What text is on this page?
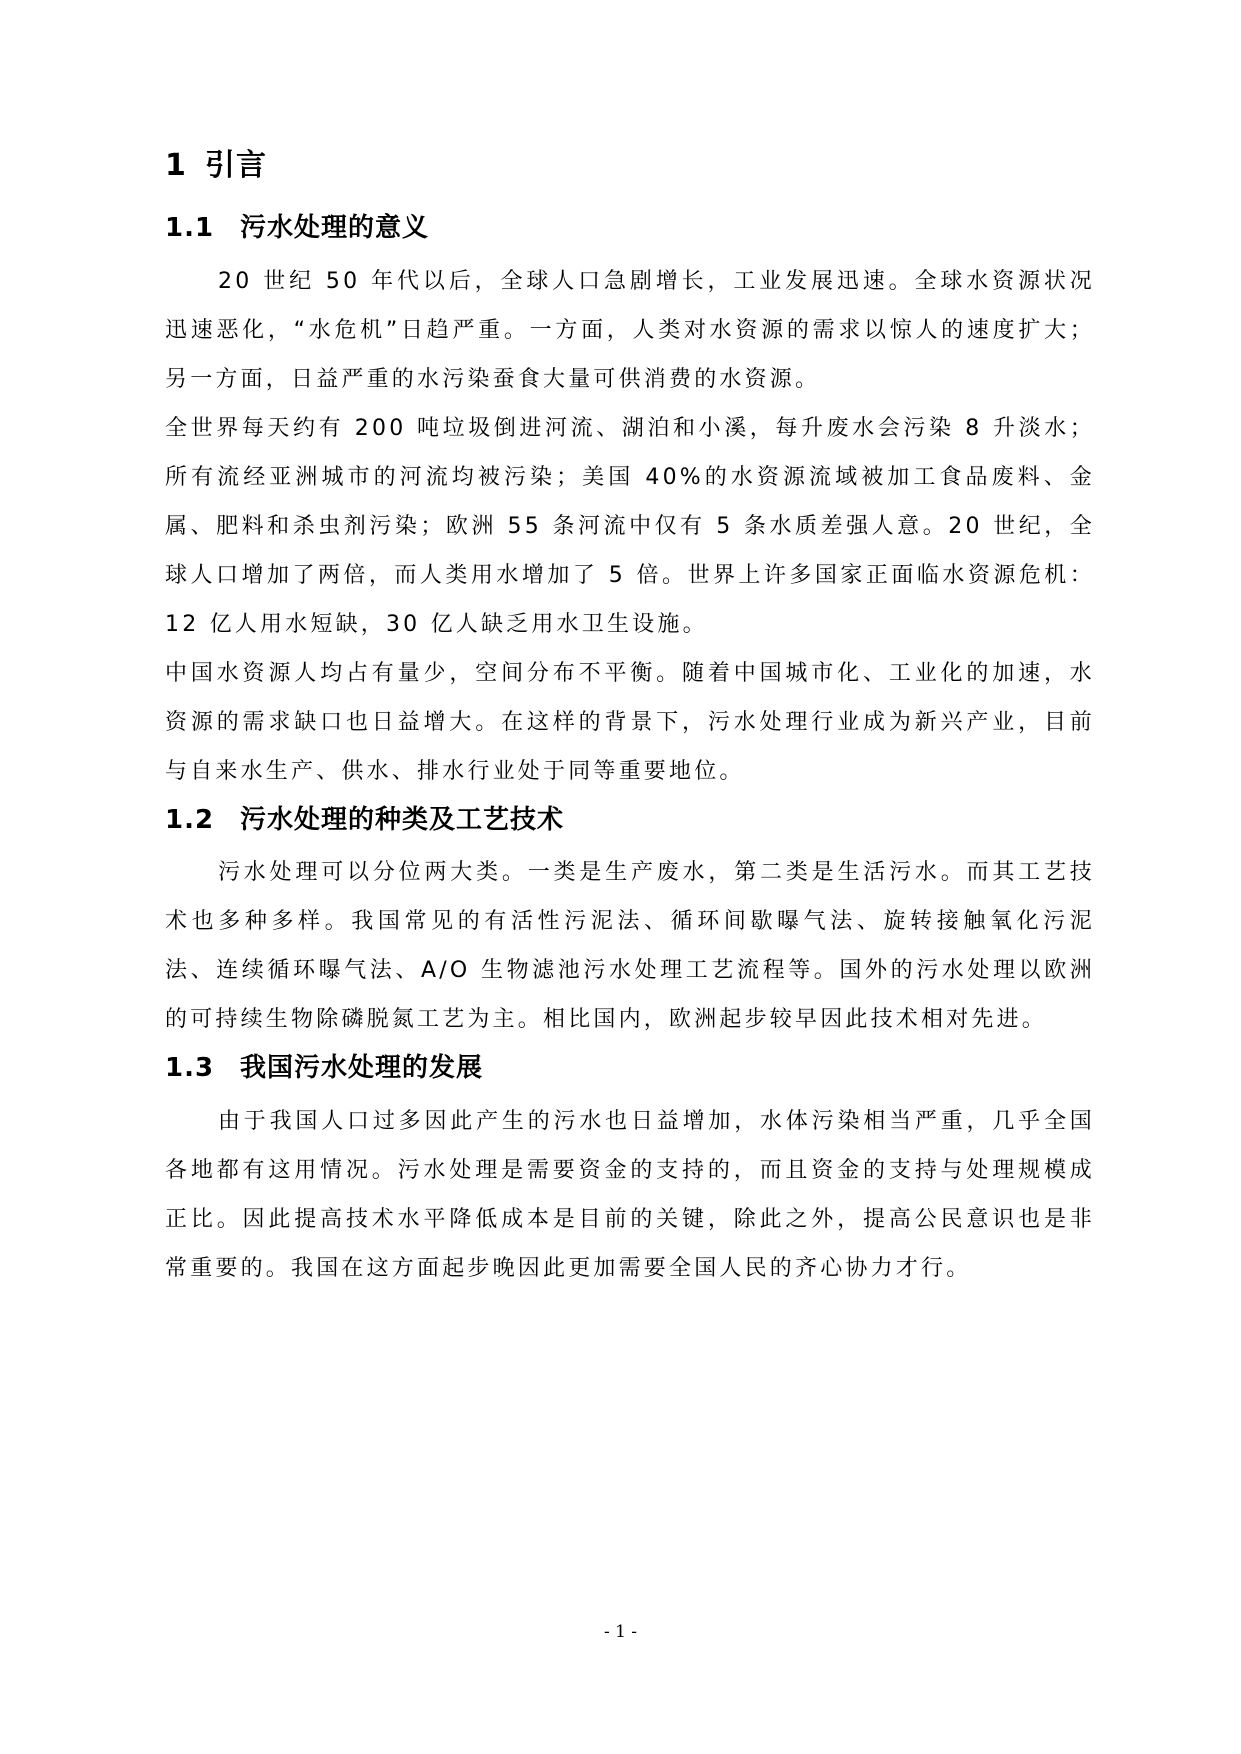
1 引言
1.1 污水处理的意义

20 世纪 50 年代以后，全球人口急剧增长，工业发展迅速。全球水资源状况迅速恶化，“水危机”日趋严重。一方面，人类对水资源的需求以惊人的速度扩大；另一方面，日益严重的水污染蚕食大量可供消费的水资源。

全世界每天约有 200 吨垃圾倒进河流、湖泊和小溪，每升废水会污染 8 升淡水；所有流经亚洲城市的河流均被污染；美国 40%的水资源流域被加工食品废料、金属、肥料和杀虫剂污染；欧洲 55 条河流中仅有 5 条水质差强人意。20 世纪，全球人口增加了两倍，而人类用水增加了 5 倍。世界上许多国家正面临水资源危机：12 亿人用水短缺，30 亿人缺乏用水卫生设施。

中国水资源人均占有量少，空间分布不平衡。随着中国城市化、工业化的加速，水资源的需求缺口也日益增大。在这样的背景下，污水处理行业成为新兴产业，目前与自来水生产、供水、排水行业处于同等重要地位。

1.2 污水处理的种类及工艺技术

污水处理可以分位两大类。一类是生产废水，第二类是生活污水。而其工艺技术也多种多样。我国常见的有活性污泥法、循环间歇曝气法、旋转接触氧化污泥法、连续循环曝气法、A/O 生物滤池污水处理工艺流程等。国外的污水处理以欧洲的可持续生物除磷脱氮工艺为主。相比国内，欧洲起步较早因此技术相对先进。

1.3 我国污水处理的发展

由于我国人口过多因此产生的污水也日益增加，水体污染相当严重，几乎全国各地都有这用情况。污水处理是需要资金的支持的，而且资金的支持与处理规模成正比。因此提高技术水平降低成本是目前的关键，除此之外，提高公民意识也是非常重要的。我国在这方面起步晚因此更加需要全国人民的齐心协力才行。

- 1 -
